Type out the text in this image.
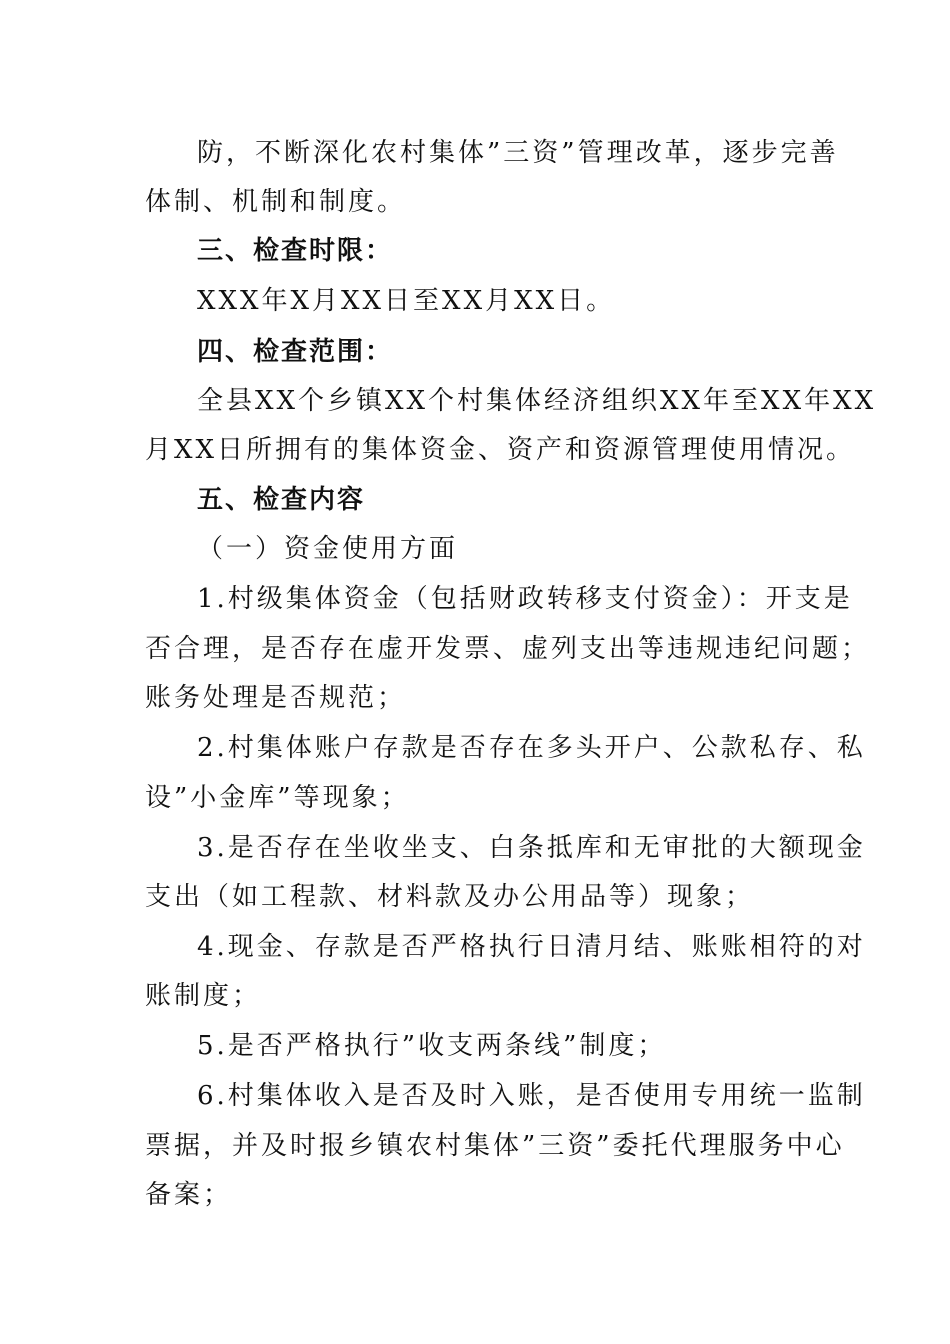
防，不断深化农村集体”三资”管理改革，逐步完善
体制、机制和制度。
三、检查时限：
XXX年X月XX日至XX月XX日。
四、检查范围：
全县XX个乡镇XX个村集体经济组织XX年至XX年XX
月XX日所拥有的集体资金、资产和资源管理使用情况。
五、检查内容
（一）资金使用方面
1.村级集体资金（包括财政转移支付资金）：开支是
否合理，是否存在虚开发票、虚列支出等违规违纪问题；
账务处理是否规范；
2.村集体账户存款是否存在多头开户、公款私存、私
设”小金库”等现象；
3.是否存在坐收坐支、白条抵库和无审批的大额现金
支出（如工程款、材料款及办公用品等）现象；
4.现金、存款是否严格执行日清月结、账账相符的对
账制度；
5.是否严格执行”收支两条线”制度；
6.村集体收入是否及时入账，是否使用专用统一监制
票据，并及时报乡镇农村集体”三资”委托代理服务中心
备案；
